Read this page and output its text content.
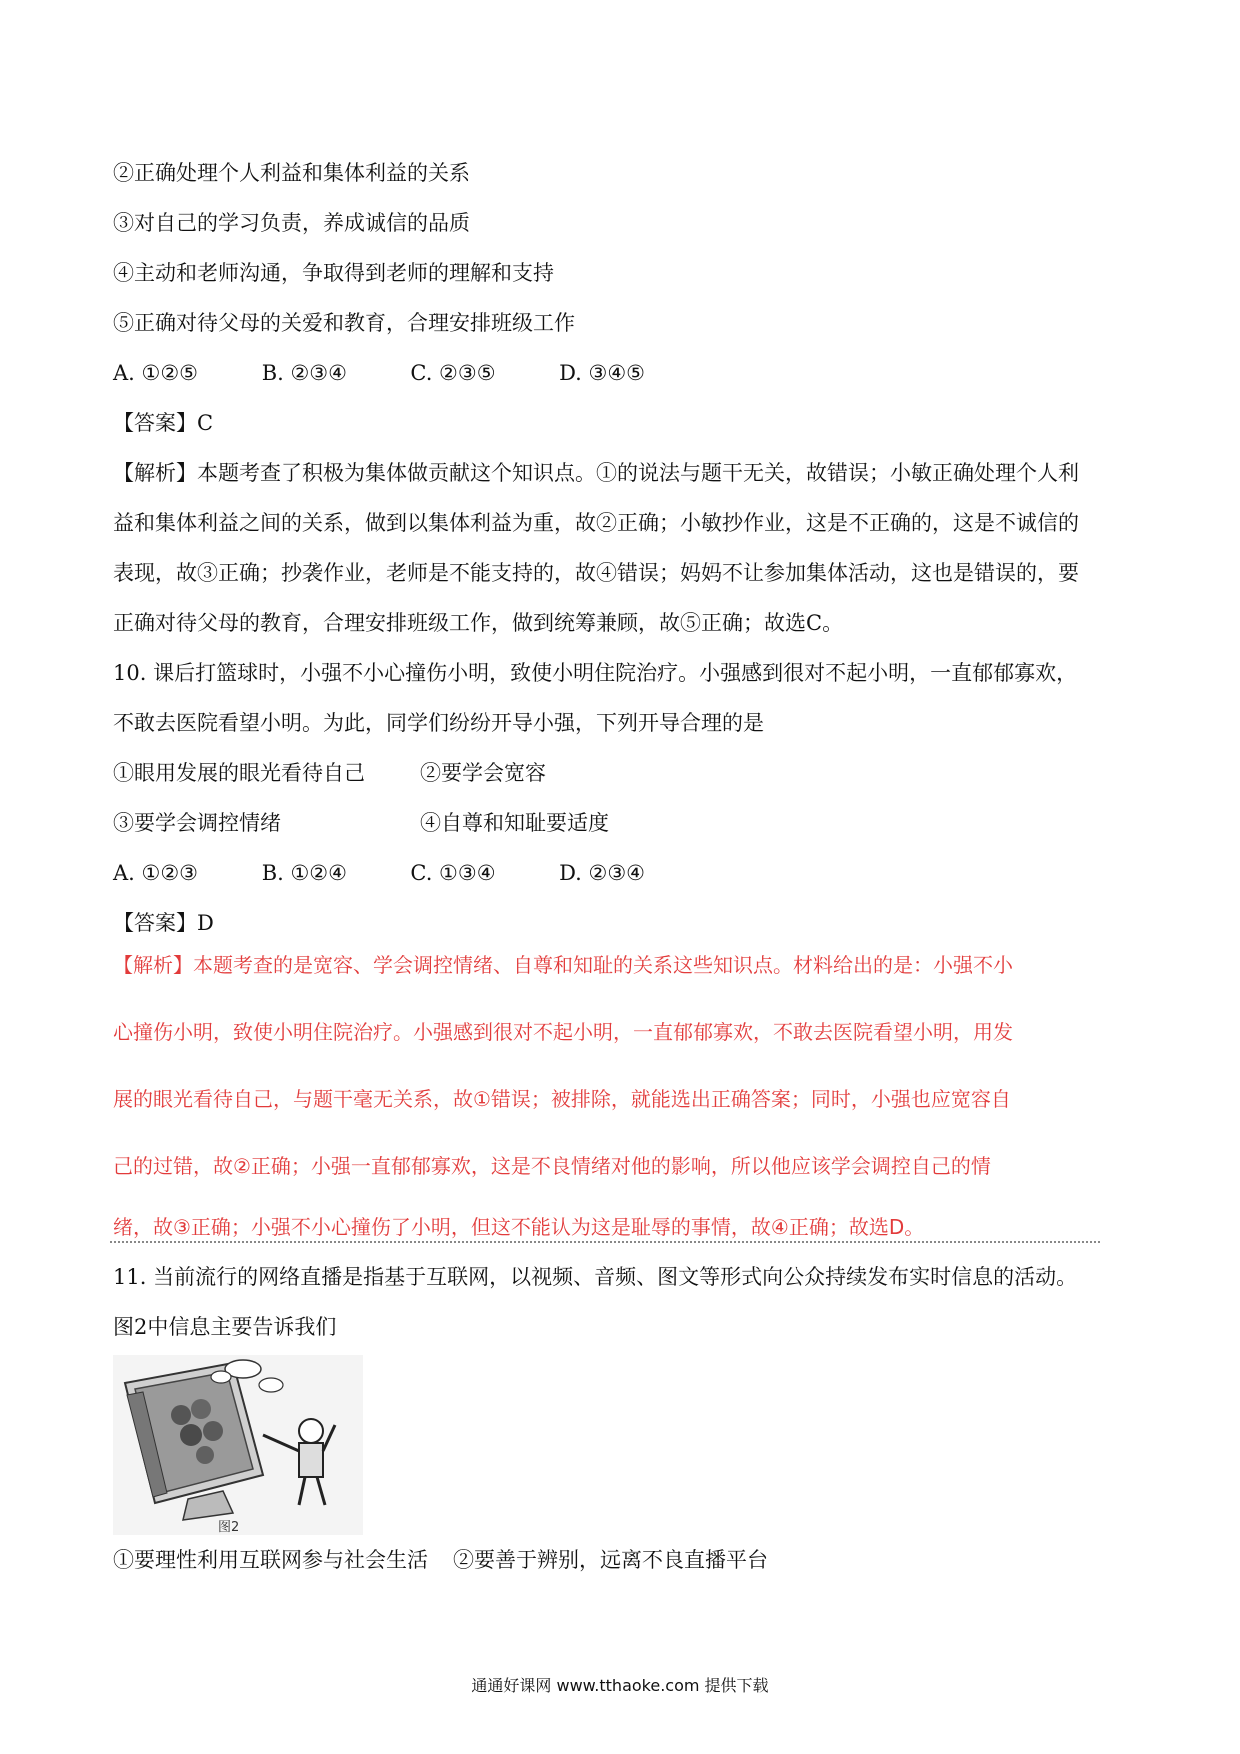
②正确处理个人利益和集体利益的关系
③对自己的学习负责，养成诚信的品质
④主动和老师沟通，争取得到老师的理解和支持
⑤正确对待父母的关爱和教育，合理安排班级工作
A. ①②⑤	B. ②③④	C. ②③⑤	D. ③④⑤
【答案】C
【解析】本题考查了积极为集体做贡献这个知识点。①的说法与题干无关，故错误；小敏正确处理个人利
益和集体利益之间的关系，做到以集体利益为重，故②正确；小敏抄作业，这是不正确的，这是不诚信的
表现，故③正确；抄袭作业，老师是不能支持的，故④错误；妈妈不让参加集体活动，这也是错误的，要
正确对待父母的教育，合理安排班级工作，做到统筹兼顾，故⑤正确；故选C。
10. 课后打篮球时，小强不小心撞伤小明，致使小明住院治疗。小强感到很对不起小明，一直郁郁寡欢，
不敢去医院看望小明。为此，同学们纷纷开导小强，下列开导合理的是
①眼用发展的眼光看待自己	②要学会宽容
③要学会调控情绪	④自尊和知耻要适度
A. ①②③	B. ①②④	C. ①③④	D. ②③④
【答案】D
【解析】本题考查的是宽容、学会调控情绪、自尊和知耻的关系这些知识点。材料给出的是：小强不小
心撞伤小明，致使小明住院治疗。小强感到很对不起小明，一直郁郁寡欢，不敢去医院看望小明，用发
展的眼光看待自己，与题干毫无关系，故①错误；被排除，就能选出正确答案；同时，小强也应宽容自
己的过错，故②正确；小强一直郁郁寡欢，这是不良情绪对他的影响，所以他应该学会调控自己的情
绪，故③正确；小强不小心撞伤了小明，但这不能认为这是耻辱的事情，故④正确；故选D。
11. 当前流行的网络直播是指基于互联网，以视频、音频、图文等形式向公众持续发布实时信息的活动。
图2中信息主要告诉我们
图2
①要理性利用互联网参与社会生活 ②要善于辨别，远离不良直播平台
通通好课网 www.tthaoke.com 提供下载
